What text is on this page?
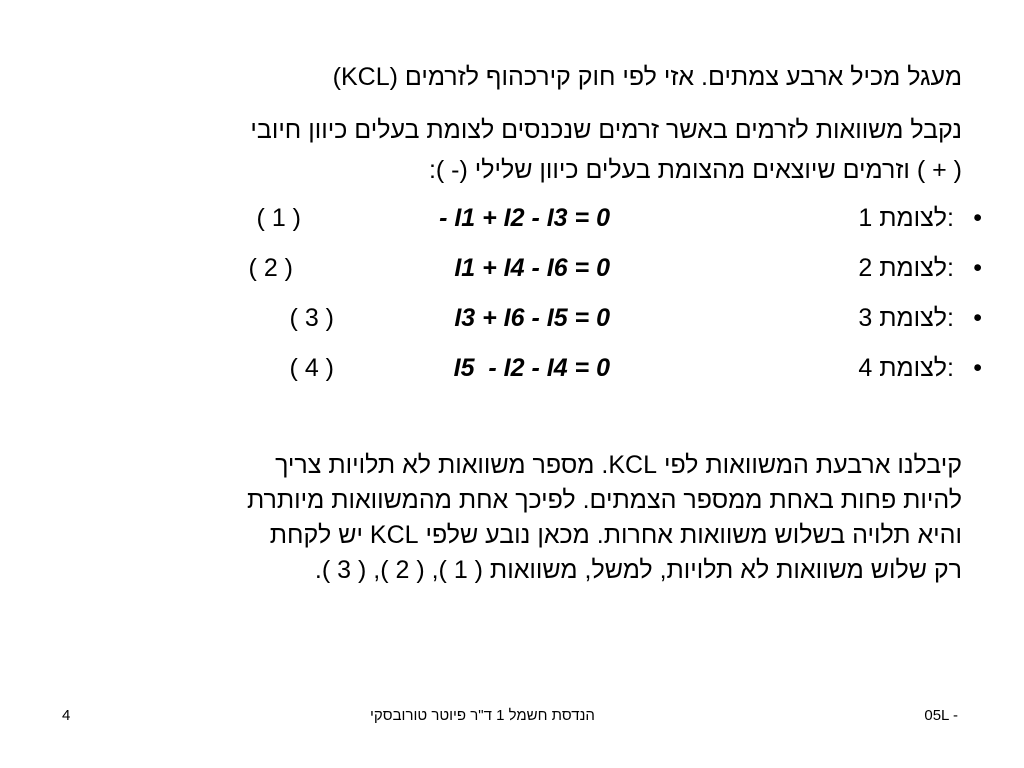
מעגל מכיל ארבע צמתים. אזי לפי חוק קירכהוף לזרמים (KCL)
נקבל משוואות לזרמים באשר זרמים שנכנסים לצומת בעלים כיוון חיובי
( + ) וזרמים שיוצאים מהצומת בעלים כיוון שלילי (- ):
•
לצומת 1:
- I1 + I2 - I3 = 0
( 1 )
•
לצומת 2:
I1 + I4 - I6 = 0
( 2 )
•
לצומת 3:
I3 + I6 - I5 = 0
( 3 )
•
לצומת 4:
I5  - I2 - I4 = 0
( 4 )
קיבלנו ארבעת המשוואות לפי KCL. מספר משוואות לא תלויות צריך
להיות פחות באחת ממספר הצמתים. לפיכך אחת מהמשוואות מיותרת
והיא תלויה בשלוש משוואות אחרות. מכאן נובע שלפי KCL יש לקחת
רק שלוש משוואות לא תלויות, למשל, משוואות ( 1 ), ( 2 ), ( 3 ).
4	הנדסת חשמל 1 ד"ר פיוטר טורובסקי	05L -
